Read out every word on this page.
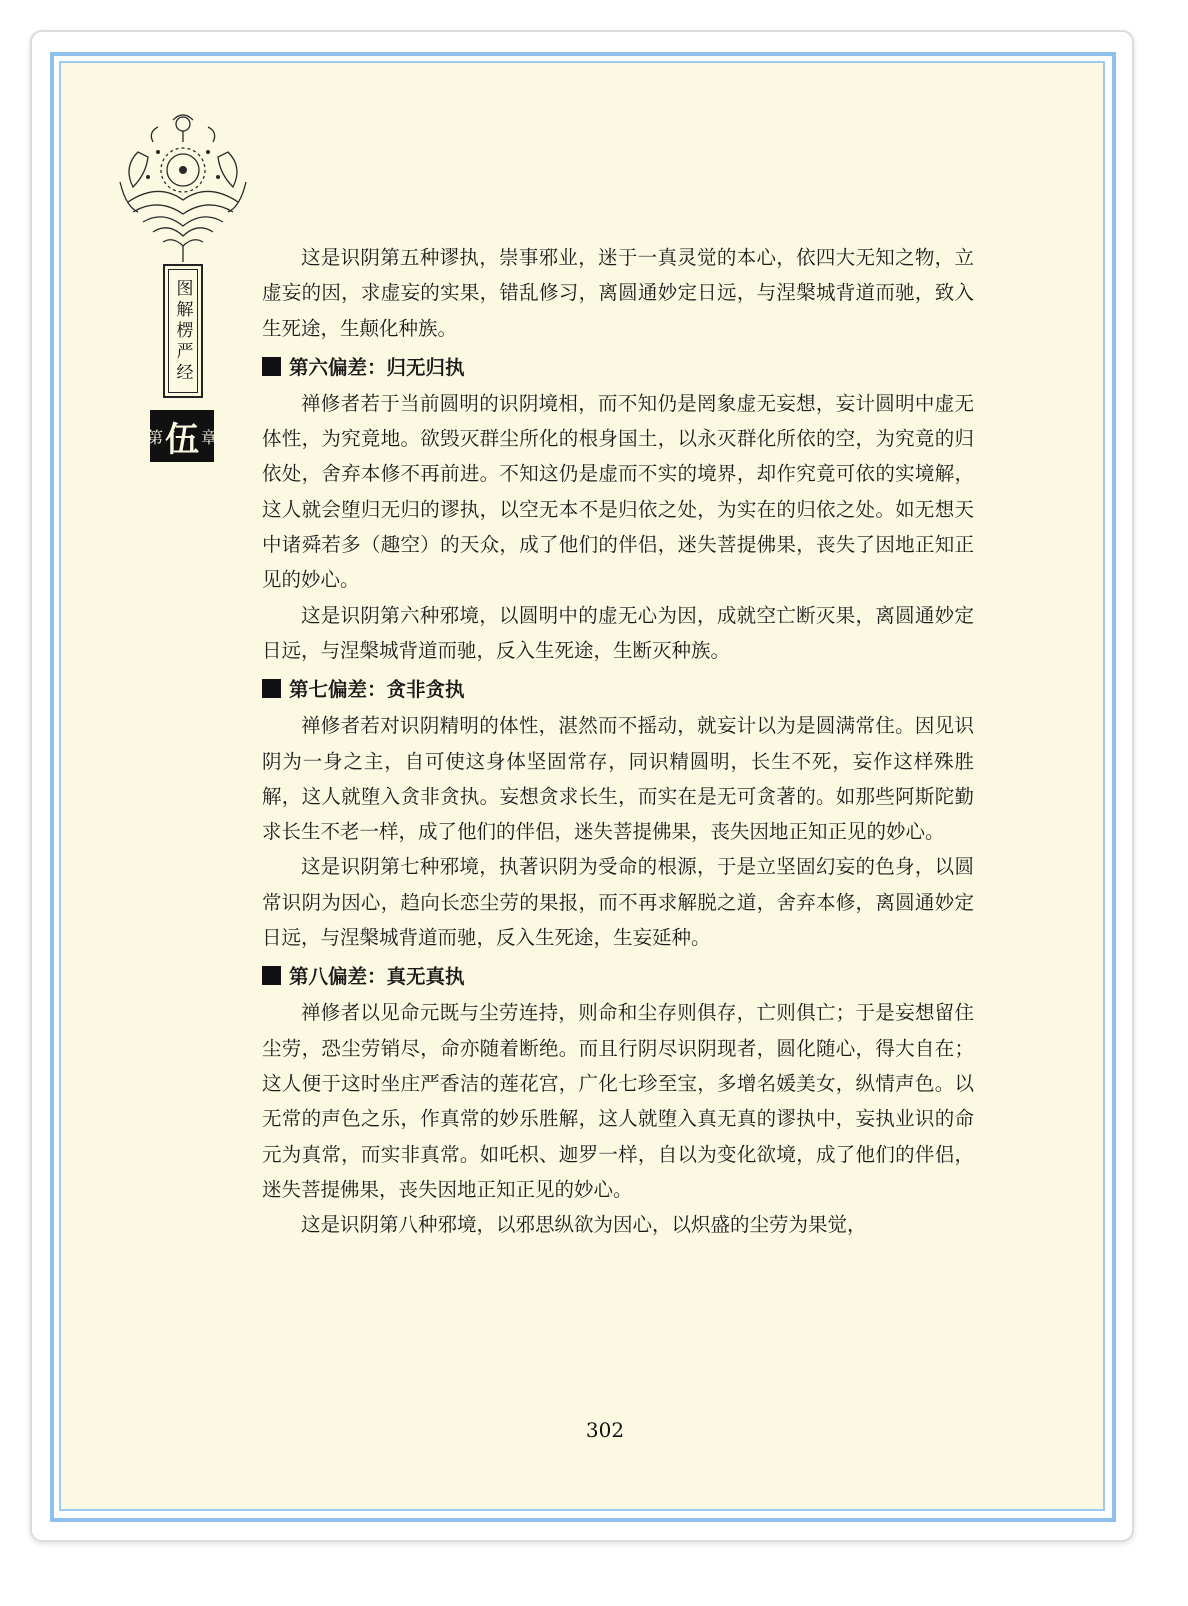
图解楞严经
第 伍 章

这是识阴第五种谬执，崇事邪业，迷于一真灵觉的本心，依四大无知之物，立虚妄的因，求虚妄的实果，错乱修习，离圆通妙定日远，与涅槃城背道而驰，致入生死途，生颠化种族。

第六偏差：归无归执

禅修者若于当前圆明的识阴境相，而不知仍是罔象虚无妄想，妄计圆明中虚无体性，为究竟地。欲毁灭群尘所化的根身国土，以永灭群化所依的空，为究竟的归依处，舍弃本修不再前进。不知这仍是虚而不实的境界，却作究竟可依的实境解，这人就会堕归无归的谬执，以空无本不是归依之处，为实在的归依之处。如无想天中诸舜若多（趣空）的天众，成了他们的伴侣，迷失菩提佛果，丧失了因地正知正见的妙心。

这是识阴第六种邪境，以圆明中的虚无心为因，成就空亡断灭果，离圆通妙定日远，与涅槃城背道而驰，反入生死途，生断灭种族。

第七偏差：贪非贪执

禅修者若对识阴精明的体性，湛然而不摇动，就妄计以为是圆满常住。因见识阴为一身之主，自可使这身体坚固常存，同识精圆明，长生不死，妄作这样殊胜解，这人就堕入贪非贪执。妄想贪求长生，而实在是无可贪著的。如那些阿斯陀勤求长生不老一样，成了他们的伴侣，迷失菩提佛果，丧失因地正知正见的妙心。

这是识阴第七种邪境，执著识阴为受命的根源，于是立坚固幻妄的色身，以圆常识阴为因心，趋向长恋尘劳的果报，而不再求解脱之道，舍弃本修，离圆通妙定日远，与涅槃城背道而驰，反入生死途，生妄延种。

第八偏差：真无真执

禅修者以见命元既与尘劳连持，则命和尘存则俱存，亡则俱亡；于是妄想留住尘劳，恐尘劳销尽，命亦随着断绝。而且行阴尽识阴现者，圆化随心，得大自在；这人便于这时坐庄严香洁的莲花宫，广化七珍至宝，多增名媛美女，纵情声色。以无常的声色之乐，作真常的妙乐胜解，这人就堕入真无真的谬执中，妄执业识的命元为真常，而实非真常。如吒枳、迦罗一样，自以为变化欲境，成了他们的伴侣，迷失菩提佛果，丧失因地正知正见的妙心。

这是识阴第八种邪境，以邪思纵欲为因心，以炽盛的尘劳为果觉，

302
